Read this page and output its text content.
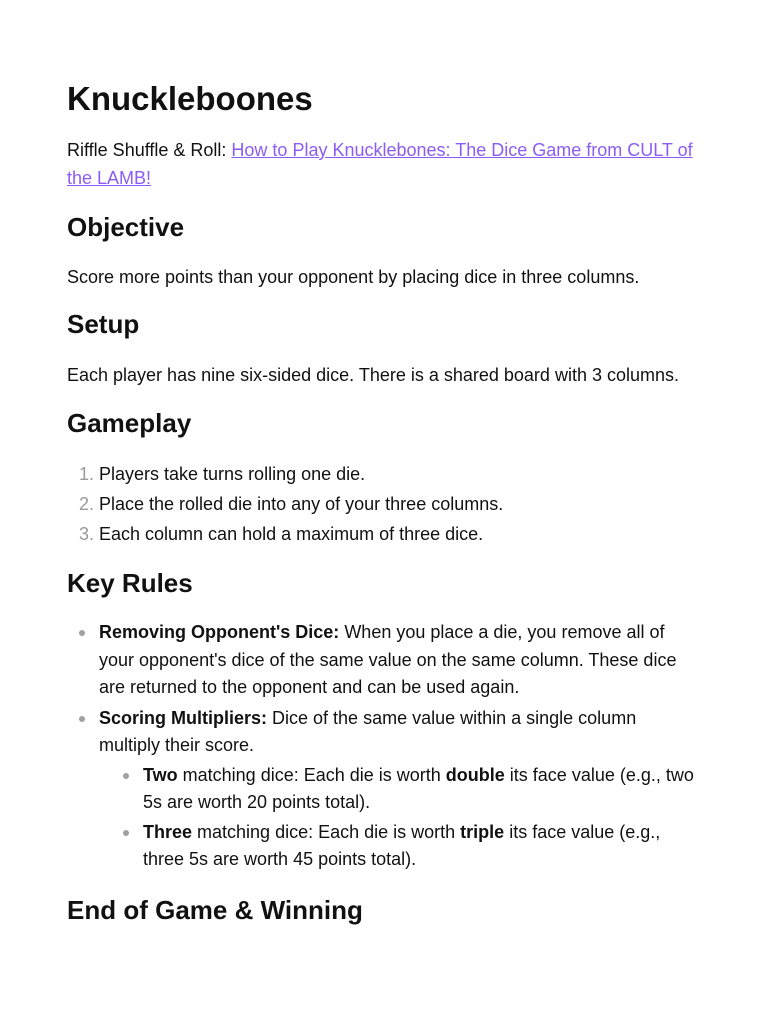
Knuckleboones

Riffle Shuffle & Roll: How to Play Knucklebones: The Dice Game from CULT of the LAMB!

Objective

Score more points than your opponent by placing dice in three columns.

Setup

Each player has nine six-sided dice. There is a shared board with 3 columns.

Gameplay
1. Players take turns rolling one die.
2. Place the rolled die into any of your three columns.
3. Each column can hold a maximum of three dice.
Key Rules
Removing Opponent's Dice: When you place a die, you remove all of your opponent's dice of the same value on the same column. These dice are returned to the opponent and can be used again.
Scoring Multipliers: Dice of the same value within a single column multiply their score.
Two matching dice: Each die is worth double its face value (e.g., two 5s are worth 20 points total).
Three matching dice: Each die is worth triple its face value (e.g., three 5s are worth 45 points total).
End of Game & Winning
